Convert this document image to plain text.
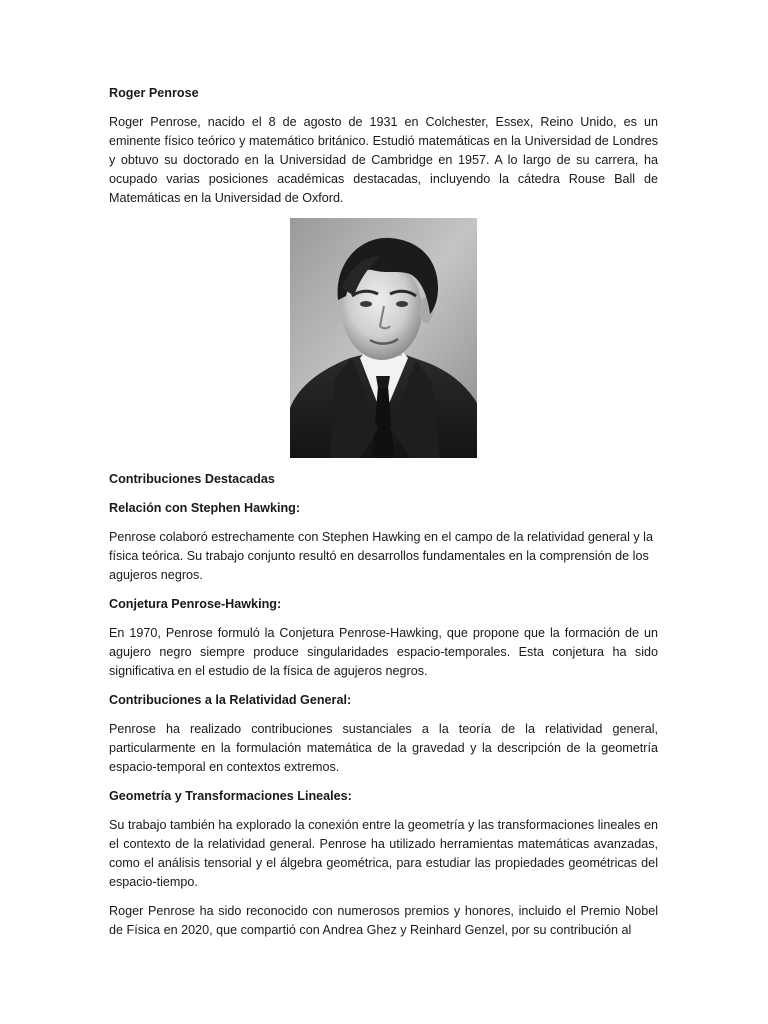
Roger Penrose

Roger Penrose, nacido el 8 de agosto de 1931 en Colchester, Essex, Reino Unido, es un eminente físico teórico y matemático británico. Estudió matemáticas en la Universidad de Londres y obtuvo su doctorado en la Universidad de Cambridge en 1957. A lo largo de su carrera, ha ocupado varias posiciones académicas destacadas, incluyendo la cátedra Rouse Ball de Matemáticas en la Universidad de Oxford.

Contribuciones Destacadas
Relación con Stephen Hawking:

Penrose colaboró estrechamente con Stephen Hawking en el campo de la relatividad general y la física teórica. Su trabajo conjunto resultó en desarrollos fundamentales en la comprensión de los agujeros negros.

Conjetura Penrose-Hawking:

En 1970, Penrose formuló la Conjetura Penrose-Hawking, que propone que la formación de un agujero negro siempre produce singularidades espacio-temporales. Esta conjetura ha sido significativa en el estudio de la física de agujeros negros.

Contribuciones a la Relatividad General:

Penrose ha realizado contribuciones sustanciales a la teoría de la relatividad general, particularmente en la formulación matemática de la gravedad y la descripción de la geometría espacio-temporal en contextos extremos.

Geometría y Transformaciones Lineales:

Su trabajo también ha explorado la conexión entre la geometría y las transformaciones lineales en el contexto de la relatividad general. Penrose ha utilizado herramientas matemáticas avanzadas, como el análisis tensorial y el álgebra geométrica, para estudiar las propiedades geométricas del espacio-tiempo.

Roger Penrose ha sido reconocido con numerosos premios y honores, incluido el Premio Nobel de Física en 2020, que compartió con Andrea Ghez y Reinhard Genzel, por su contribución al
